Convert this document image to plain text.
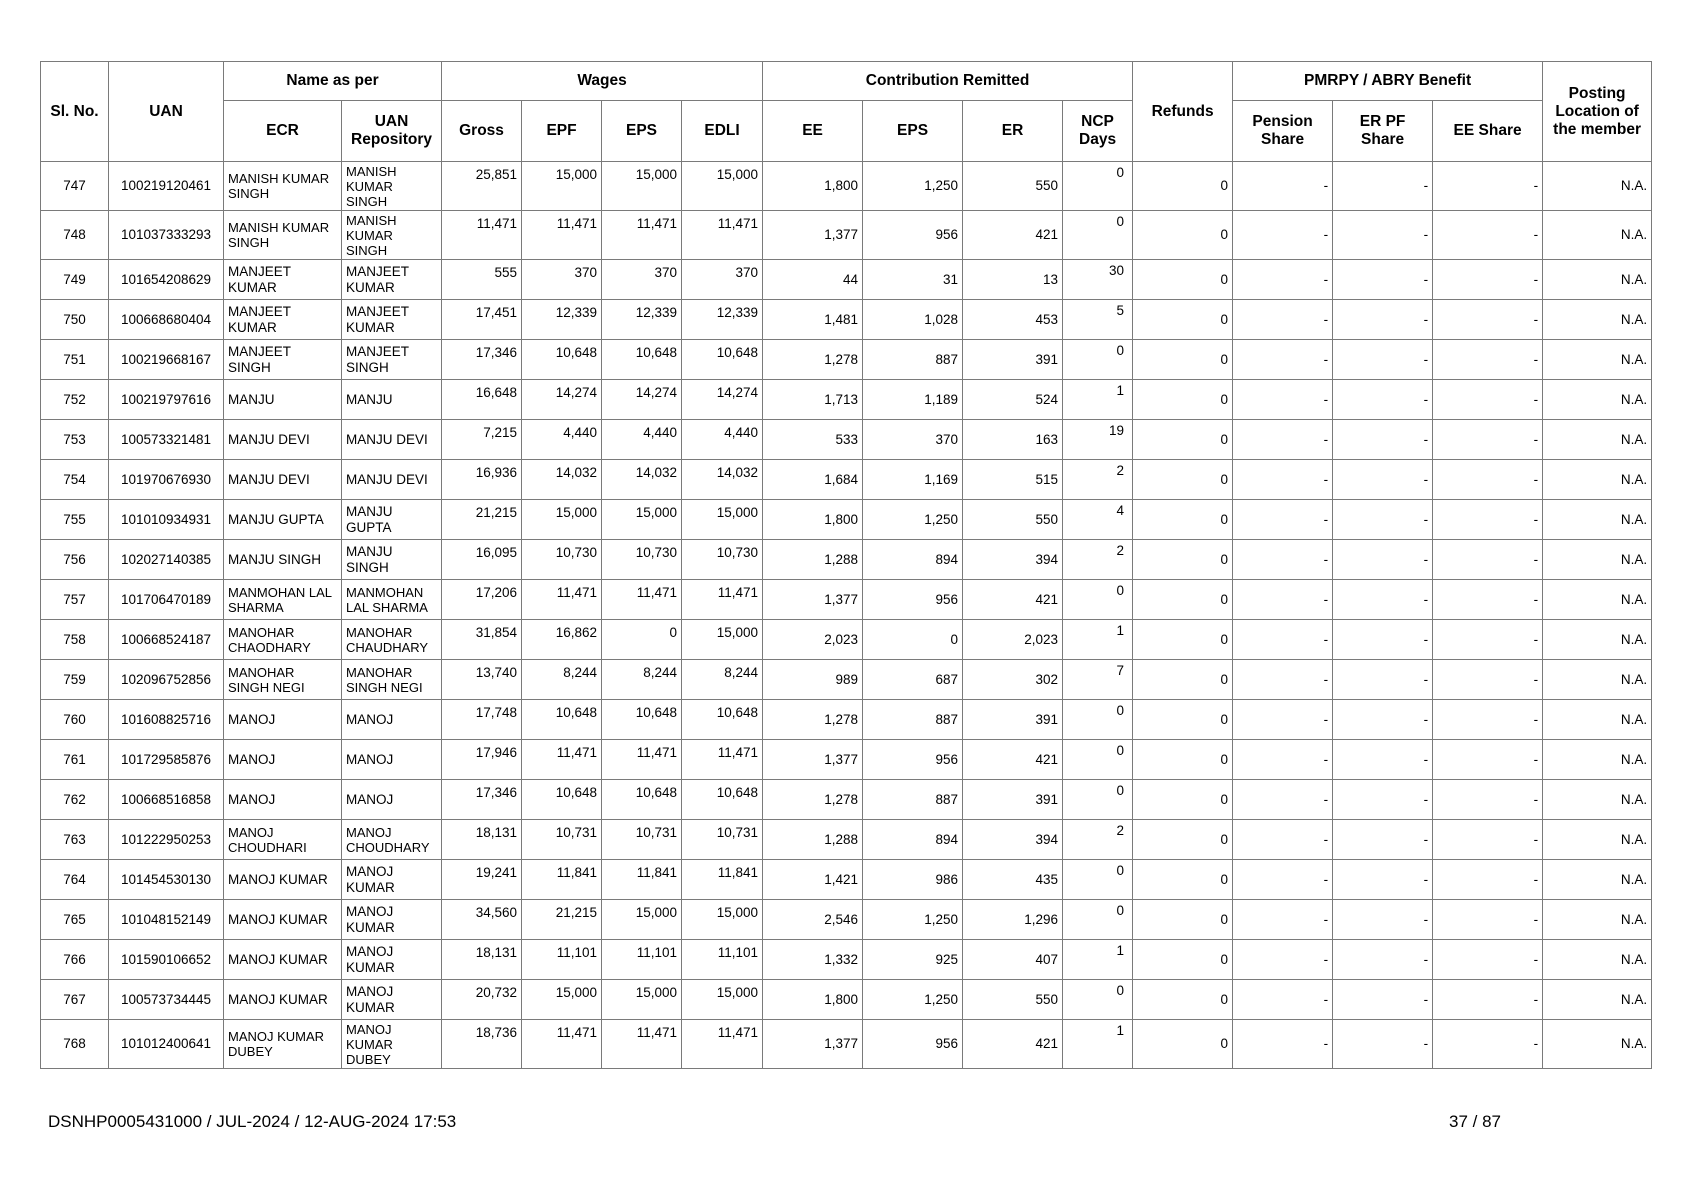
Sl. No.	UAN	Name as per		Wages				Contribution Remitted				Refunds	PMRPY / ABRY Benefit			Posting Location of the member
		ECR	UAN Repository	Gross	EPF	EPS	EDLI	EE	EPS	ER	NCP Days		Pension Share	ER PF Share	EE Share	
747	100219120461	MANISH KUMAR SINGH	MANISH KUMAR SINGH	25,851	15,000	15,000	15,000	1,800	1,250	550	0	0	-	-	-	N.A.
748	101037333293	MANISH KUMAR SINGH	MANISH KUMAR SINGH	11,471	11,471	11,471	11,471	1,377	956	421	0	0	-	-	-	N.A.
749	101654208629	MANJEET KUMAR	MANJEET KUMAR	555	370	370	370	44	31	13	30	0	-	-	-	N.A.
750	100668680404	MANJEET KUMAR	MANJEET KUMAR	17,451	12,339	12,339	12,339	1,481	1,028	453	5	0	-	-	-	N.A.
751	100219668167	MANJEET SINGH	MANJEET SINGH	17,346	10,648	10,648	10,648	1,278	887	391	0	0	-	-	-	N.A.
752	100219797616	MANJU	MANJU	16,648	14,274	14,274	14,274	1,713	1,189	524	1	0	-	-	-	N.A.
753	100573321481	MANJU DEVI	MANJU DEVI	7,215	4,440	4,440	4,440	533	370	163	19	0	-	-	-	N.A.
754	101970676930	MANJU DEVI	MANJU DEVI	16,936	14,032	14,032	14,032	1,684	1,169	515	2	0	-	-	-	N.A.
755	101010934931	MANJU GUPTA	MANJU GUPTA	21,215	15,000	15,000	15,000	1,800	1,250	550	4	0	-	-	-	N.A.
756	102027140385	MANJU SINGH	MANJU SINGH	16,095	10,730	10,730	10,730	1,288	894	394	2	0	-	-	-	N.A.
757	101706470189	MANMOHAN LAL SHARMA	MANMOHAN LAL SHARMA	17,206	11,471	11,471	11,471	1,377	956	421	0	0	-	-	-	N.A.
758	100668524187	MANOHAR CHAODHARY	MANOHAR CHAUDHARY	31,854	16,862	0	15,000	2,023	0	2,023	1	0	-	-	-	N.A.
759	102096752856	MANOHAR SINGH NEGI	MANOHAR SINGH NEGI	13,740	8,244	8,244	8,244	989	687	302	7	0	-	-	-	N.A.
760	101608825716	MANOJ	MANOJ	17,748	10,648	10,648	10,648	1,278	887	391	0	0	-	-	-	N.A.
761	101729585876	MANOJ	MANOJ	17,946	11,471	11,471	11,471	1,377	956	421	0	0	-	-	-	N.A.
762	100668516858	MANOJ	MANOJ	17,346	10,648	10,648	10,648	1,278	887	391	0	0	-	-	-	N.A.
763	101222950253	MANOJ CHOUDHARI	MANOJ CHOUDHARY	18,131	10,731	10,731	10,731	1,288	894	394	2	0	-	-	-	N.A.
764	101454530130	MANOJ KUMAR	MANOJ KUMAR	19,241	11,841	11,841	11,841	1,421	986	435	0	0	-	-	-	N.A.
765	101048152149	MANOJ KUMAR	MANOJ KUMAR	34,560	21,215	15,000	15,000	2,546	1,250	1,296	0	0	-	-	-	N.A.
766	101590106652	MANOJ KUMAR	MANOJ KUMAR	18,131	11,101	11,101	11,101	1,332	925	407	1	0	-	-	-	N.A.
767	100573734445	MANOJ KUMAR	MANOJ KUMAR	20,732	15,000	15,000	15,000	1,800	1,250	550	0	0	-	-	-	N.A.
768	101012400641	MANOJ KUMAR DUBEY	MANOJ KUMAR DUBEY	18,736	11,471	11,471	11,471	1,377	956	421	1	0	-	-	-	N.A.
DSNHP0005431000 / JUL-2024 / 12-AUG-2024 17:53	37 / 87
